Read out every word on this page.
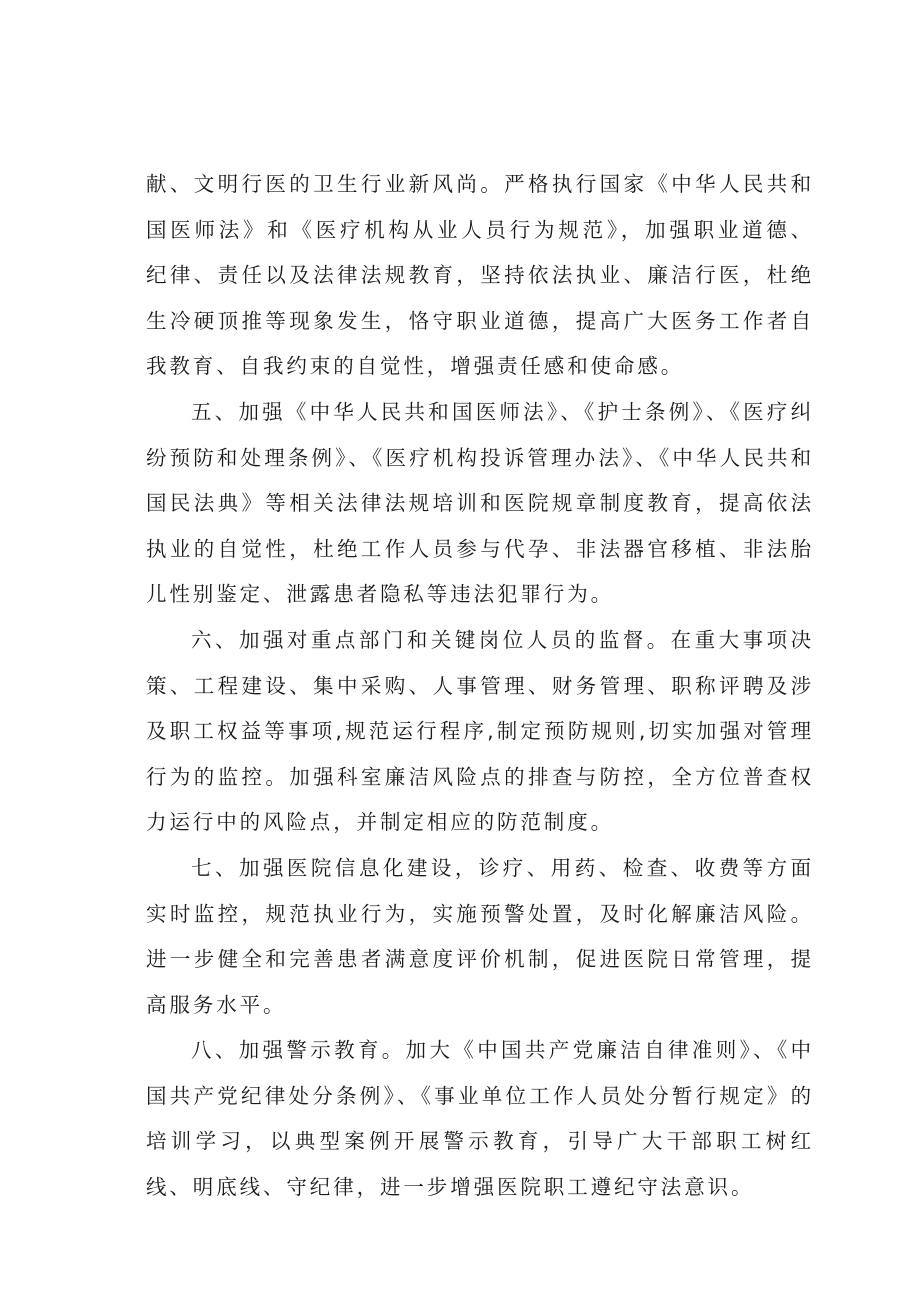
献、文明行医的卫生行业新风尚。严格执行国家《中华人民共和国医师法》和《医疗机构从业人员行为规范》，加强职业道德、纪律、责任以及法律法规教育，坚持依法执业、廉洁行医，杜绝生冷硬顶推等现象发生，恪守职业道德，提高广大医务工作者自我教育、自我约束的自觉性，增强责任感和使命感。

五、加强《中华人民共和国医师法》、《护士条例》、《医疗纠纷预防和处理条例》、《医疗机构投诉管理办法》、《中华人民共和国民法典》等相关法律法规培训和医院规章制度教育，提高依法执业的自觉性，杜绝工作人员参与代孕、非法器官移植、非法胎儿性别鉴定、泄露患者隐私等违法犯罪行为。

六、加强对重点部门和关键岗位人员的监督。在重大事项决策、工程建设、集中采购、人事管理、财务管理、职称评聘及涉及职工权益等事项,规范运行程序,制定预防规则,切实加强对管理行为的监控。加强科室廉洁风险点的排查与防控，全方位普查权力运行中的风险点，并制定相应的防范制度。

七、加强医院信息化建设，诊疗、用药、检查、收费等方面实时监控，规范执业行为，实施预警处置，及时化解廉洁风险。进一步健全和完善患者满意度评价机制，促进医院日常管理，提高服务水平。

八、加强警示教育。加大《中国共产党廉洁自律准则》、《中国共产党纪律处分条例》、《事业单位工作人员处分暂行规定》的培训学习，以典型案例开展警示教育，引导广大干部职工树红线、明底线、守纪律，进一步增强医院职工遵纪守法意识。
